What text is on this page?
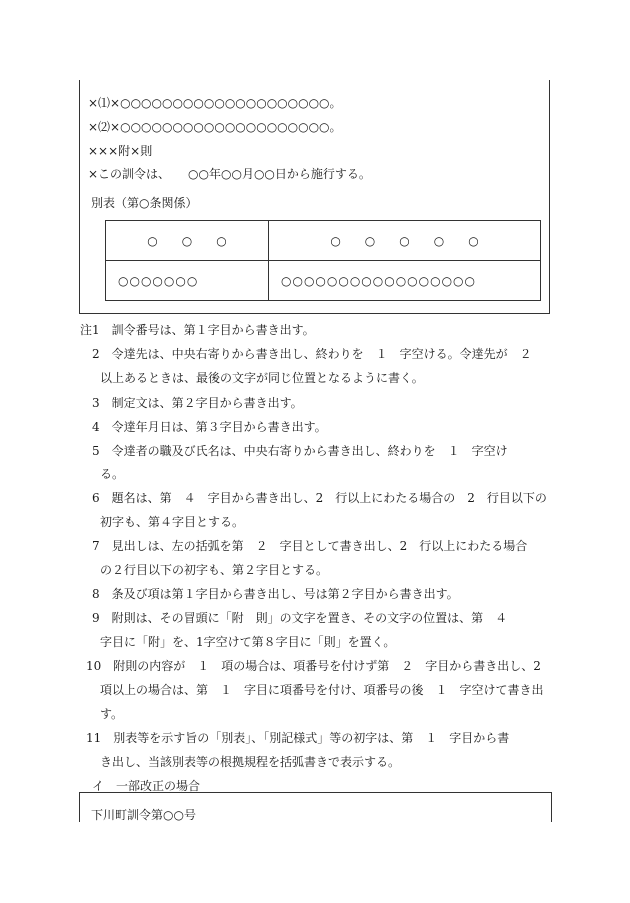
×⑴×○○○○○○○○○○○○○○○○○○○○。
×⑵×○○○○○○○○○○○○○○○○○○○○。
×××附×則
×この訓令は、　　○○年○○月○○日から施行する。
別表（第○条関係）
○　　○　　○	○　　○　　○　　○　　○

○○○○○○○	○○○○○○○○○○○○○○○○○
注1　訓令番号は、第１字目から書き出す。
2　令達先は、中央右寄りから書き出し、終わりを　１　字空ける。令達先が　２
以上あるときは、最後の文字が同じ位置となるように書く。
3　制定文は、第２字目から書き出す。
4　令達年月日は、第３字目から書き出す。
5　令達者の職及び氏名は、中央右寄りから書き出し、終わりを　１　字空け
る。
6　題名は、第　４　字目から書き出し、2　行以上にわたる場合の　2　行目以下の
初字も、第４字目とする。
7　見出しは、左の括弧を第　２　字目として書き出し、2　行以上にわたる場合
の２行目以下の初字も、第２字目とする。
8　条及び項は第１字目から書き出し、号は第２字目から書き出す。
9　附則は、その冒頭に「附　則」の文字を置き、その文字の位置は、第　４
字目に「附」を、1字空けて第８字目に「則」を置く。
10　附則の内容が　１　項の場合は、項番号を付けず第　２　字目から書き出し、2
項以上の場合は、第　１　字目に項番号を付け、項番号の後　１　字空けて書き出
す。
11　別表等を示す旨の「別表」、「別記様式」等の初字は、第　１　字目から書
き出し、当該別表等の根拠規程を括弧書きで表示する。
イ　一部改正の場合
下川町訓令第○○号
